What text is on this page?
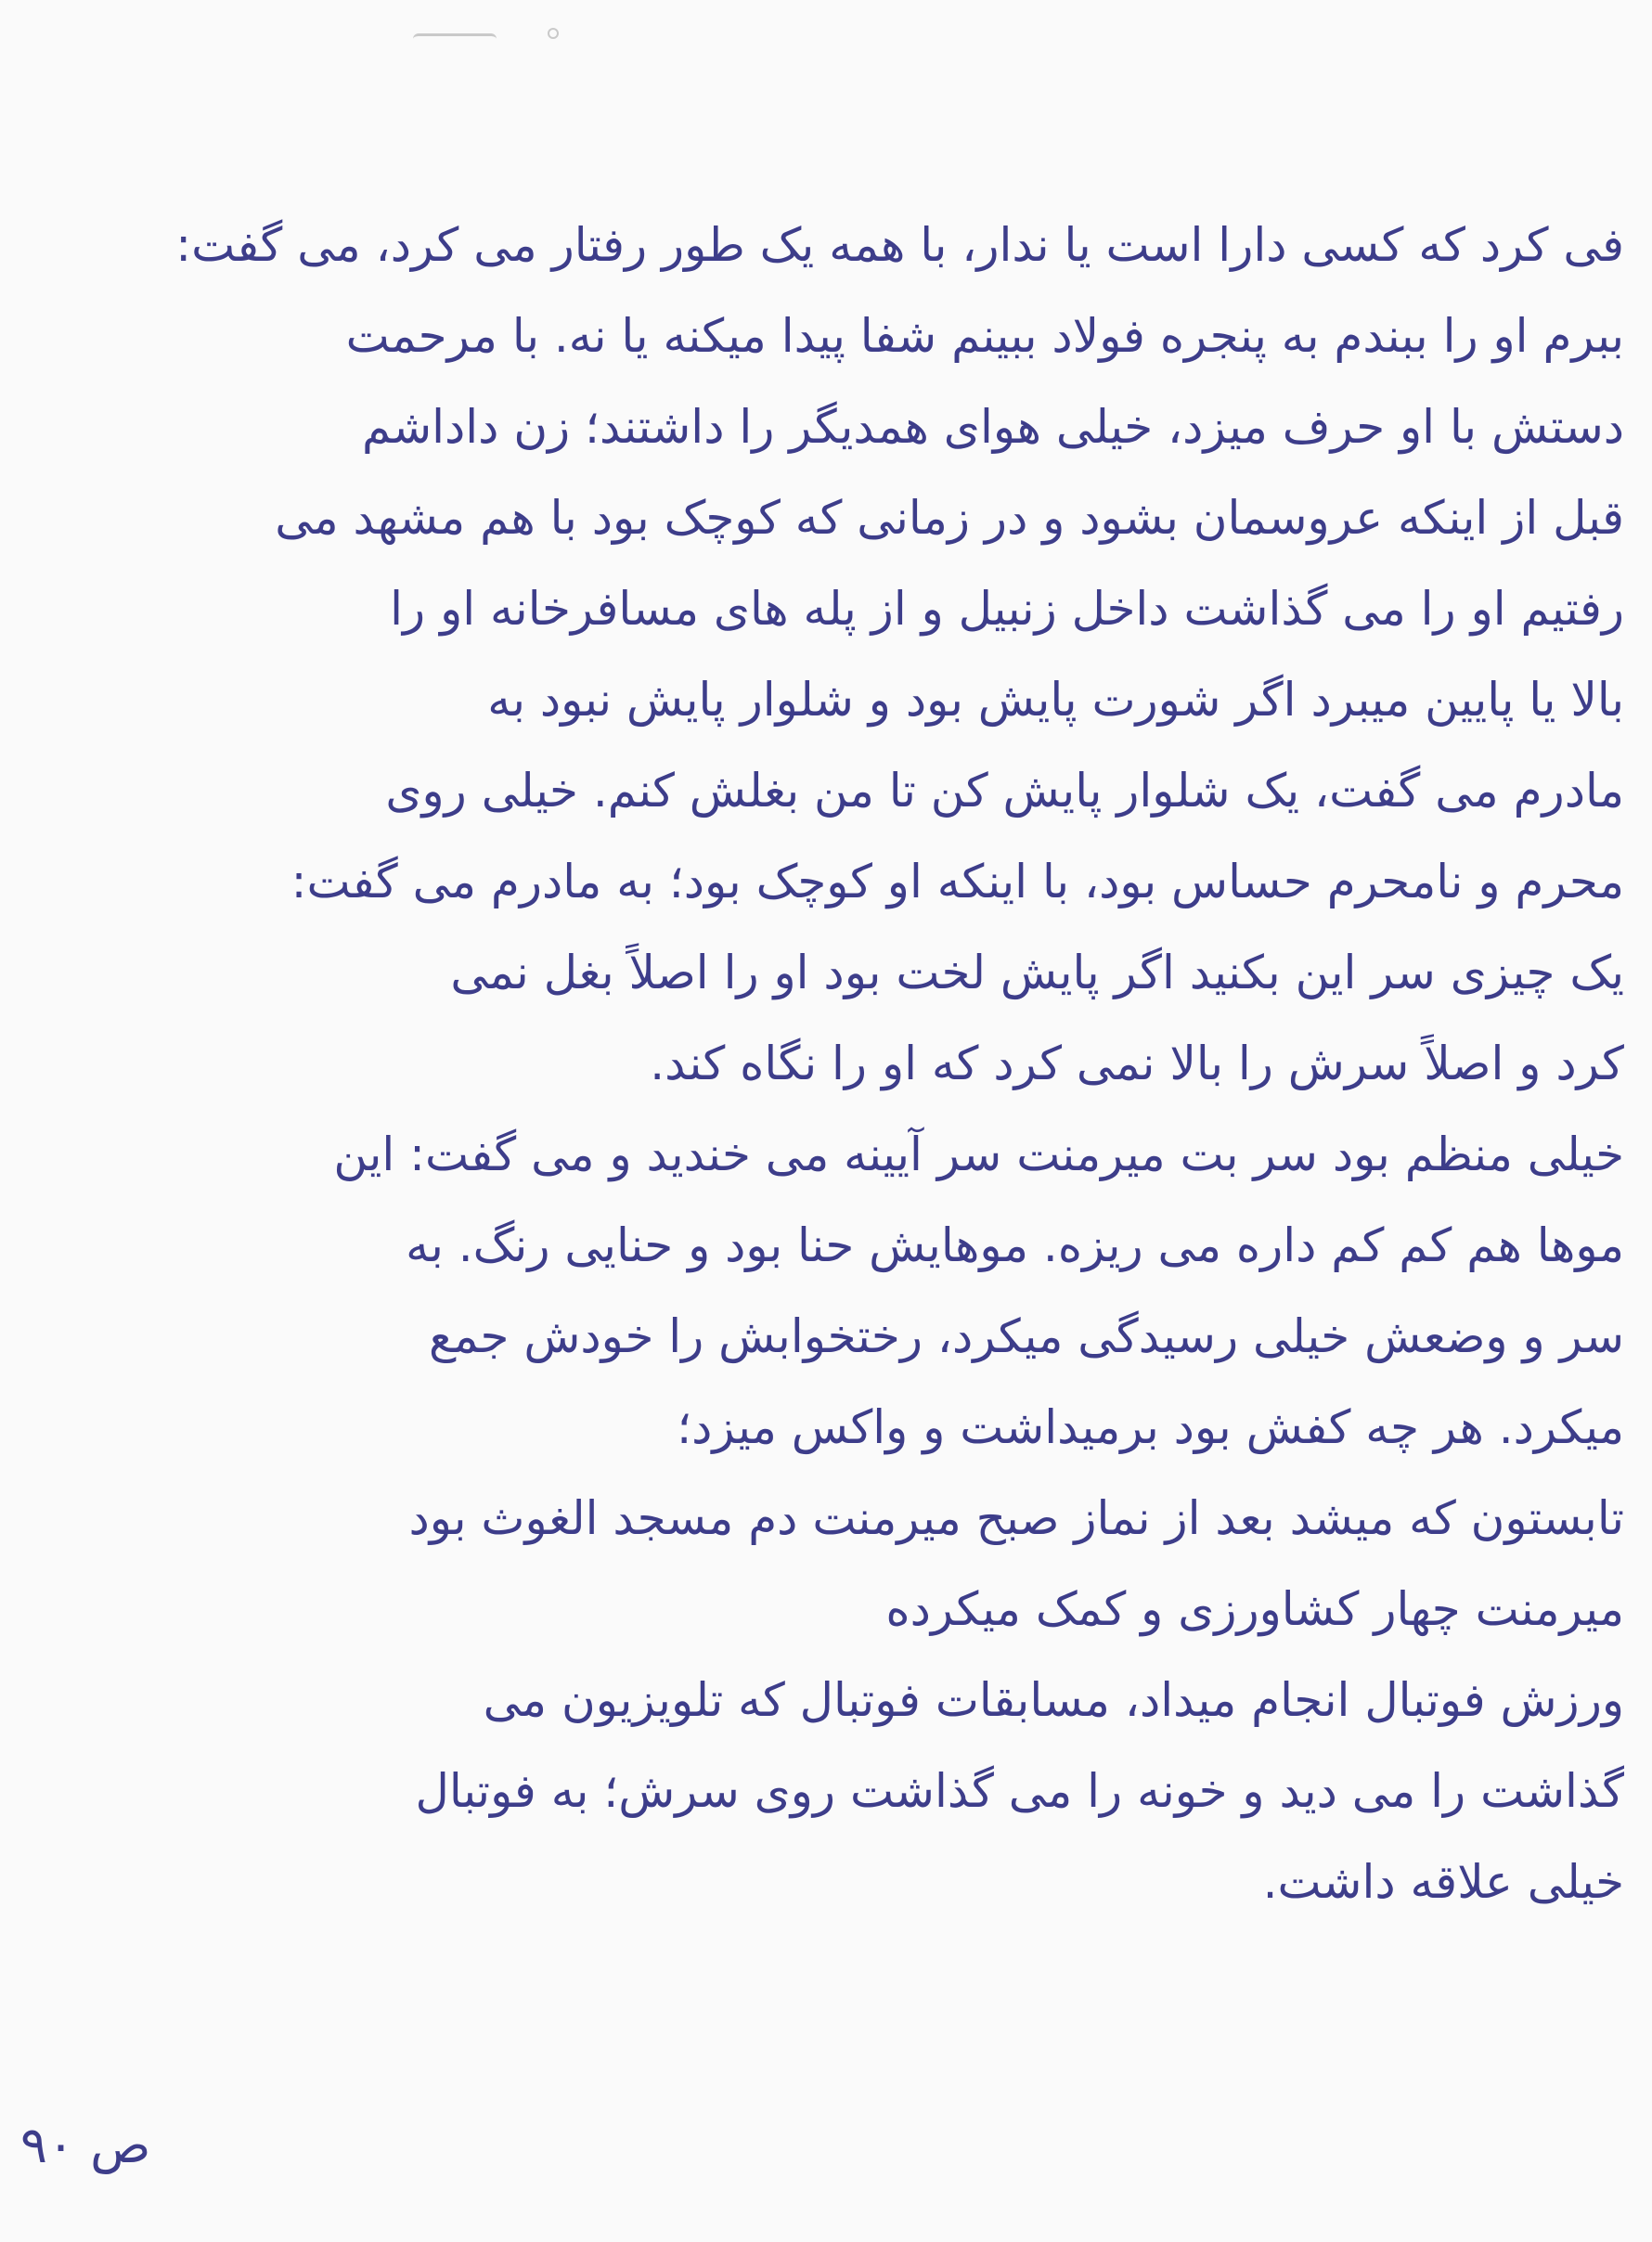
فی کرد که کسی دارا است یا ندار، با همه یک طور رفتار می کرد، می گفت:
ببرم او را ببندم به پنجره فولاد ببینم شفا پیدا میکنه یا نه. با مرحمت
دستش با او حرف میزد، خیلی هوای همدیگر را داشتند؛ زن داداشم
قبل از اینکه عروسمان بشود و در زمانی که کوچک بود با هم مشهد می
رفتیم او را می گذاشت داخل زنبیل و از پله های مسافرخانه او را
بالا یا پایین میبرد اگر شورت پایش بود و شلوار پایش نبود به
مادرم می گفت، یک شلوار پایش کن تا من بغلش کنم. خیلی روی
محرم و نامحرم حساس بود، با اینکه او کوچک بود؛ به مادرم می گفت:
یک چیزی سر این بکنید اگر پایش لخت بود او را اصلاً بغل نمی
کرد و اصلاً سرش را بالا نمی کرد که او را نگاه کند.
خیلی منظم بود سر بت میرمنت سر آیینه می خندید و می گفت: این
موها هم کم کم داره می ریزه. موهایش حنا بود و حنایی رنگ. به
سر و وضعش خیلی رسیدگی میکرد، رختخوابش را خودش جمع
میکرد. هر چه کفش بود برمیداشت و واکس میزد؛
تابستون که میشد بعد از نماز صبح میرمنت دم مسجد الغوث بود
میرمنت چهار کشاورزی و کمک میکرده
ورزش فوتبال انجام میداد، مسابقات فوتبال که تلویزیون می
گذاشت را می دید و خونه را می گذاشت روی سرش؛ به فوتبال
خیلی علاقه داشت.
ص ۹۰
